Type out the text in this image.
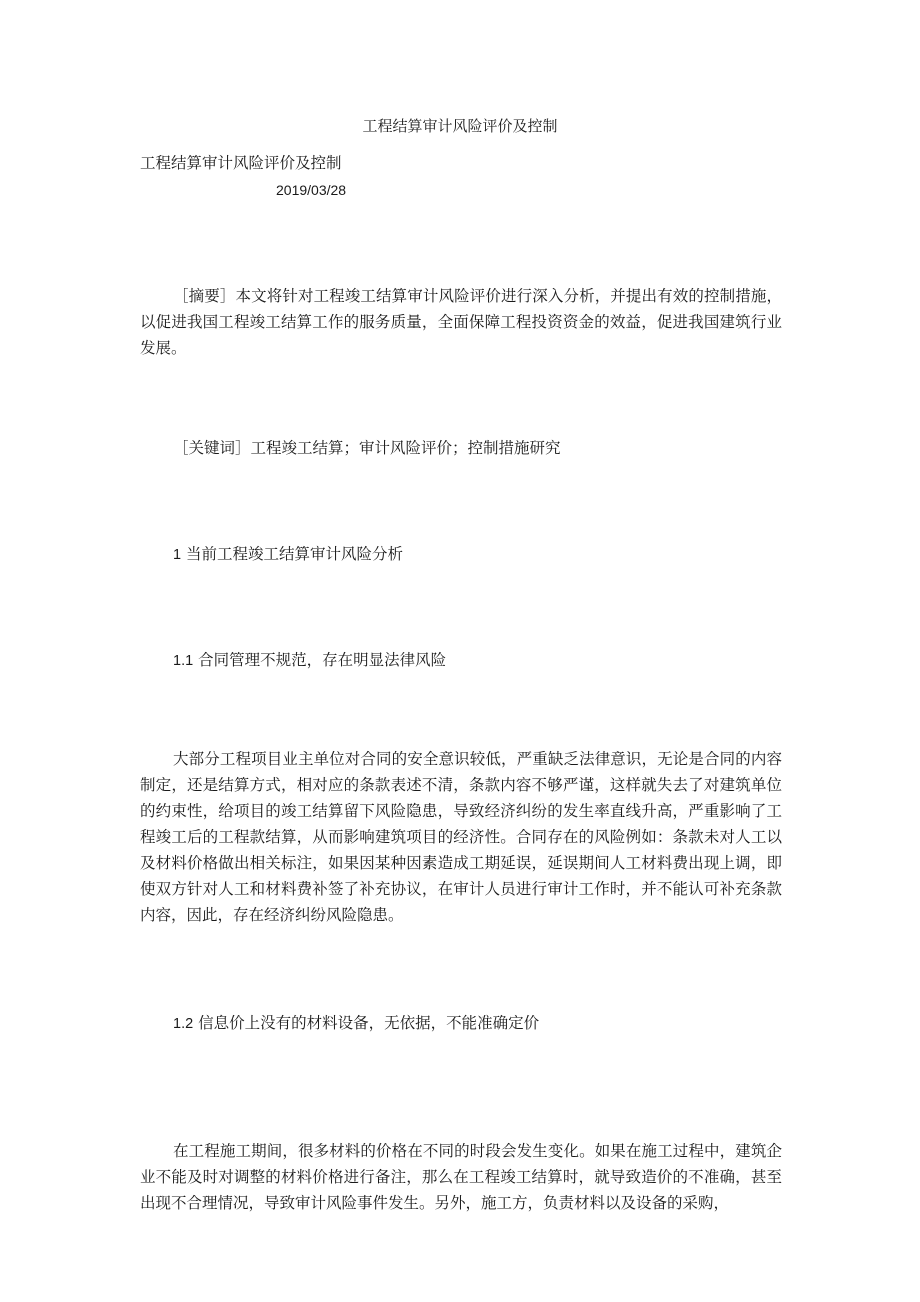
工程结算审计风险评价及控制
工程结算审计风险评价及控制
2019/03/28

［摘要］本文将针对工程竣工结算审计风险评价进行深入分析，并提出有效的控制措施，以促进我国工程竣工结算工作的服务质量，全面保障工程投资资金的效益，促进我国建筑行业发展。

［关键词］工程竣工结算；审计风险评价；控制措施研究
1 当前工程竣工结算审计风险分析
1.1 合同管理不规范，存在明显法律风险

大部分工程项目业主单位对合同的安全意识较低，严重缺乏法律意识，无论是合同的内容制定，还是结算方式，相对应的条款表述不清，条款内容不够严谨，这样就失去了对建筑单位的约束性，给项目的竣工结算留下风险隐患，导致经济纠纷的发生率直线升高，严重影响了工程竣工后的工程款结算，从而影响建筑项目的经济性。合同存在的风险例如：条款未对人工以及材料价格做出相关标注，如果因某种因素造成工期延误，延误期间人工材料费出现上调，即使双方针对人工和材料费补签了补充协议，在审计人员进行审计工作时，并不能认可补充条款内容，因此，存在经济纠纷风险隐患。

1.2 信息价上没有的材料设备，无依据，不能准确定价

在工程施工期间，很多材料的价格在不同的时段会发生变化。如果在施工过程中，建筑企业不能及时对调整的材料价格进行备注，那么在工程竣工结算时，就导致造价的不准确，甚至出现不合理情况，导致审计风险事件发生。另外，施工方，负责材料以及设备的采购，
